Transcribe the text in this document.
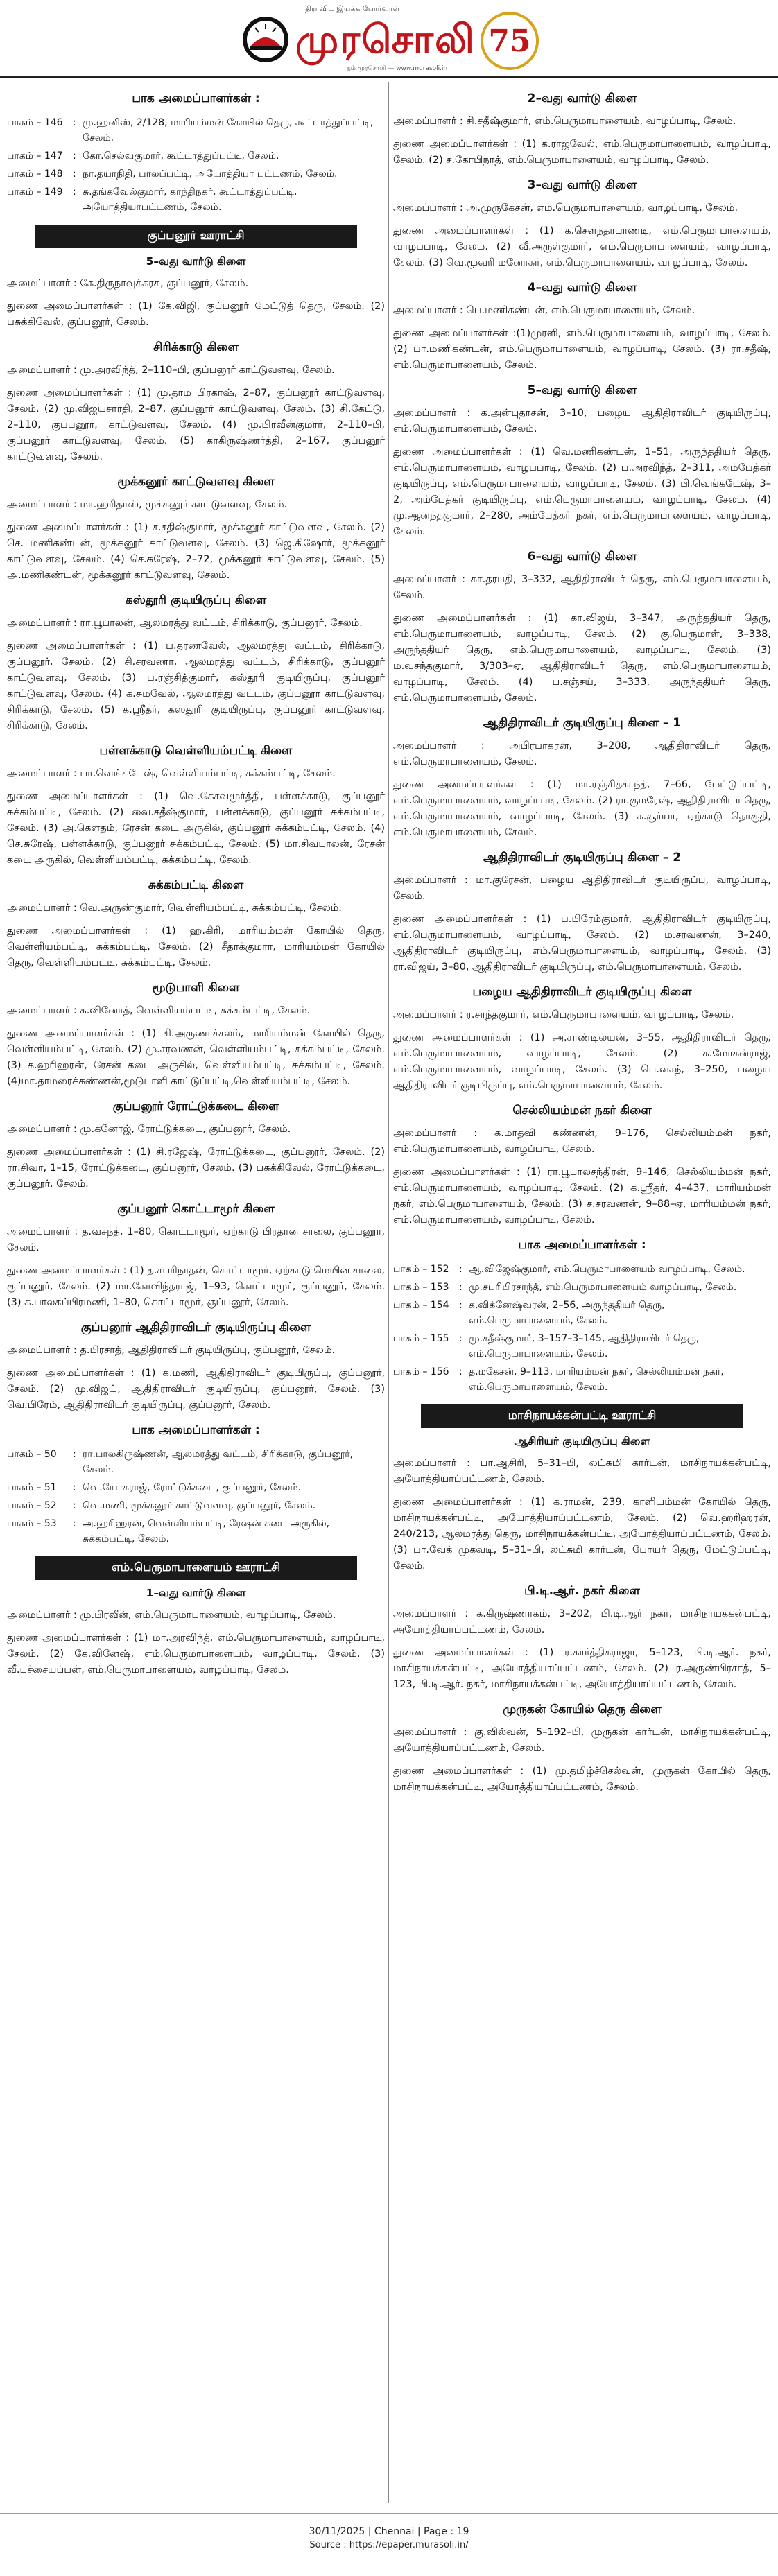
திராவிட இயக்க போர்வாள்
முரசொலி 75
நம் முரசொலி — www.murasoli.in
பாக அமைப்பாளர்கள் :
பாகம் – 146	:	மு.ஹனிஸ், 2/128, மாரியம்மன் கோயில் தெரு, கூட்டாத்துப்பட்டி, சேலம்.
பாகம் – 147	:	கோ.செல்வகுமார், கூட்டாத்துப்பட்டி, சேலம்.
பாகம் – 148	:	நா.தயாநிதி, பாலப்பட்டி, அயோத்தியா பட்டணம், சேலம்.
பாகம் – 149	:	சு.தங்கவேல்குமார், காந்திநகர், கூட்டாத்துப்பட்டி, அயோத்தியாபட்டணம், சேலம்.
குப்பனூர் ஊராட்சி
5–வது வார்டு கிளை

அமைப்பாளர் : கே.திருநாவுக்கரசு, குப்பனூர், சேலம்.

துணை அமைப்பாளர்கள் : (1) கே.விஜி, குப்பனூர் மேட்டுத் தெரு, சேலம். (2) பசுக்கிவேல், குப்பனூர், சேலம்.

சிரிக்காடு கிளை

அமைப்பாளர் : மு.அரவிந்த், 2–110–பி, குப்பனூர் காட்டுவளவு, சேலம்.

துணை அமைப்பாளர்கள் : (1) மு.தாம பிரகாஷ், 2–87, குப்பனூர் காட்டுவளவு, சேலம். (2) மு.விஜயசாரதி, 2–87, குப்பனூர் காட்டுவளவு, சேலம். (3) சி.கேட்டு, 2–110, குப்பனூர், காட்டுவளவு, சேலம். (4) மு.பிரவீன்குமார், 2–110–பி, குப்பனூர் காட்டுவளவு, சேலம். (5) காகிருஷ்ணர்த்தி, 2–167, குப்பனூர் காட்டுவளவு, சேலம்.

மூக்கனூர் காட்டுவளவு கிளை

அமைப்பாளர் : மா.ஹரிதாஸ், மூக்கனூர் காட்டுவளவு, சேலம்.

துணை அமைப்பாளர்கள் : (1) ச.சதிஷ்குமார், மூக்கனூர் காட்டுவளவு, சேலம். (2) செ. மணிகண்டன், மூக்கனூர் காட்டுவளவு, சேலம். (3) ஜெ.கிஷோர், மூக்கனூர் காட்டுவளவு, சேலம். (4) செ.சுரேஷ், 2–72, மூக்கனூர் காட்டுவளவு, சேலம். (5) அ.மணிகண்டன், மூக்கனூர் காட்டுவளவு, சேலம்.

கஸ்தூரி குடியிருப்பு கிளை

அமைப்பாளர் : ரா.பூபாலன், ஆலமரத்து வட்டம், சிரிக்காடு, குப்பனூர், சேலம்.

துணை அமைப்பாளர்கள் : (1) ப.தரணவேல், ஆலமரத்து வட்டம், சிரிக்காடு, குப்பனூர், சேலம். (2) சி.சரவணா, ஆலமரத்து வட்டம், சிரிக்காடு, குப்பனூர் காட்டுவளவு, சேலம். (3) ப.ரஞ்சித்குமார், கஸ்தூரி குடியிருப்பு, குப்பனூர் காட்டுவளவு, சேலம். (4) க.சுமவேல், ஆலமரத்து வட்டம், குப்பனூர் காட்டுவளவு, சிரிக்காடு, சேலம். (5) க.ஸ்ரீதர், கஸ்தூரி குடியிருப்பு, குப்பனூர் காட்டுவளவு, சிரிக்காடு, சேலம்.

பள்ளக்காடு வெள்ளியம்பட்டி கிளை

அமைப்பாளர் : பா.வெங்கடேஷ், வெள்ளியம்பட்டி, சுக்கம்பட்டி, சேலம்.

துணை அமைப்பாளர்கள் : (1) வெ.கேசவமூர்த்தி, பள்ளக்காடு, குப்பனூர் சுக்கம்பட்டி, சேலம். (2) வை.சதீஷ்குமார், பள்ளக்காடு, குப்பனூர் சுக்கம்பட்டி, சேலம். (3) அ.கௌதம், ரேசன் கடை அருகில், குப்பனூர் சுக்கம்பட்டி, சேலம். (4) செ.சுரேஷ், பள்ளக்காடு, குப்பனூர் சுக்கம்பட்டி, சேலம். (5) மா.சிவபாலன், ரேசன் கடை அருகில், வெள்ளியம்பட்டி, சுக்கம்பட்டி, சேலம்.

சுக்கம்பட்டி கிளை

அமைப்பாளர் : வெ.அருண்குமார், வெள்ளியம்பட்டி, சுக்கம்பட்டி, சேலம்.

துணை அமைப்பாளர்கள் : (1) ஹ.கிரி, மாரியம்மன் கோயில் தெரு, வெள்ளியம்பட்டி, சுக்கம்பட்டி, சேலம். (2) சீதாக்குமார், மாரியம்மன் கோயில் தெரு, வெள்ளியம்பட்டி, சுக்கம்பட்டி, சேலம்.

மூடுபாளி கிளை

அமைப்பாளர் : க.வினோத், வெள்ளியம்பட்டி, சுக்கம்பட்டி, சேலம்.

துணை அமைப்பாளர்கள் : (1) சி.அருணாச்சலம், மாரியம்மன் கோயில் தெரு, வெள்ளியம்பட்டி, சேலம். (2) மு.சரவணன், வெள்ளியம்பட்டி, சுக்கம்பட்டி, சேலம். (3) க.ஹரிஹரன், ரேசன் கடை அருகில், வெள்ளியம்பட்டி, சுக்கம்பட்டி, சேலம். (4)மா.தாமரைக்கண்ணன்,மூடுபாளி காட்டுப்பட்டி,வெள்ளியம்பட்டி, சேலம்.

குப்பனூர் ரோட்டுக்கடை கிளை

அமைப்பாளர் : மு.கனோஜ், ரோட்டுக்கடை, குப்பனூர், சேலம்.

துணை அமைப்பாளர்கள் : (1) சி.ரஜேஷ், ரோட்டுக்கடை, குப்பனூர், சேலம். (2) ரா.சிவா, 1–15, ரோட்டுக்கடை, குப்பனூர், சேலம். (3) பசுக்கிவேல், ரோட்டுக்கடை, குப்பனூர், சேலம்.

குப்பனூர் கொட்டாமூர் கிளை

அமைப்பாளர் : த.வசந்த், 1–80, கொட்டாமூர், ஏற்காடு பிரதான சாலை, குப்பனூர், சேலம்.

துணை அமைப்பாளர்கள் : (1) த.சபரிநாதன், கொட்டாமூர், ஏற்காடு மெயின் சாலை, குப்பனூர், சேலம். (2) மா.கோவிந்தராஜ், 1–93, கொட்டாமூர், குப்பனூர், சேலம். (3) க.பாலசுப்பிரமணி, 1–80, கொட்டாமூர், குப்பனூர், சேலம்.

குப்பனூர் ஆதிதிராவிடர் குடியிருப்பு கிளை

அமைப்பாளர் : த.பிரசாத், ஆதிதிராவிடர் குடியிருப்பு, குப்பனூர், சேலம்.

துணை அமைப்பாளர்கள் : (1) க.மணி, ஆதிதிராவிடர் குடியிருப்பு, குப்பனூர், சேலம். (2) மு.விஜய், ஆதிதிராவிடர் குடியிருப்பு, குப்பனூர், சேலம். (3) வெ.பிரேம், ஆதிதிராவிடர் குடியிருப்பு, குப்பனூர், சேலம்.

பாக அமைப்பாளர்கள் :
பாகம் – 50	:	ரா.பாலகிருஷ்ணன், ஆலமரத்து வட்டம், சிரிக்காடு, குப்பனூர், சேலம்.
பாகம் – 51	:	வெ.யோகராஜ், ரோட்டுக்கடை, குப்பனூர், சேலம்.
பாகம் – 52	:	வெ.மணி, மூக்கனூர் காட்டுவளவு, குப்பனூர், சேலம்.
பாகம் – 53	:	அ.ஹரிஹரன், வெள்ளியம்பட்டி, ரேஷன் கடை அருகில், சுக்கம்பட்டி, சேலம்.
எம்.பெருமாபாளையம் ஊராட்சி
1–வது வார்டு கிளை

அமைப்பாளர் : மு.பிரவீன், எம்.பெருமாபாளையம், வாழப்பாடி, சேலம்.

துணை அமைப்பாளர்கள் : (1) மா.அரவிந்த், எம்.பெருமாபாளையம், வாழப்பாடி, சேலம். (2) கே.வினேஷ், எம்.பெருமாபாளையம், வாழப்பாடி, சேலம். (3) வீ.பச்சையப்பன், எம்.பெருமாபாளையம், வாழப்பாடி, சேலம்.

2–வது வார்டு கிளை

அமைப்பாளர் : சி.சதீஷ்குமார், எம்.பெருமாபாளையம், வாழப்பாடி, சேலம்.

துணை அமைப்பாளர்கள் : (1) க.ராஜவேல், எம்.பெருமாபாளையம், வாழப்பாடி, சேலம். (2) ச.கோபிநாத், எம்.பெருமாபாளையம், வாழப்பாடி, சேலம்.

3–வது வார்டு கிளை

அமைப்பாளர் : அ.முருகேசன், எம்.பெருமாபாளையம், வாழப்பாடி, சேலம்.

துணை அமைப்பாளர்கள் : (1) க.சௌந்தரபாண்டி, எம்.பெருமாபாளையம், வாழப்பாடி, சேலம். (2) வீ.அருள்குமார், எம்.பெருமாபாளையம், வாழப்பாடி, சேலம். (3) வெ.மூவரி மனோகர், எம்.பெருமாபாளையம், வாழப்பாடி, சேலம்.

4–வது வார்டு கிளை

அமைப்பாளர் : பெ.மணிகண்டன், எம்.பெருமாபாளையம், சேலம்.

துணை அமைப்பாளர்கள் :(1)முரளி, எம்.பெருமாபாளையம், வாழப்பாடி, சேலம். (2) பா.மணிகண்டன், எம்.பெருமாபாளையம், வாழப்பாடி, சேலம். (3) ரா.சதீஷ், எம்.பெருமாபாளையம், சேலம்.

5–வது வார்டு கிளை

அமைப்பாளர் : க.அன்புதாசன், 3–10, பழைய ஆதிதிராவிடர் குடியிருப்பு, எம்.பெருமாபாளையம், சேலம்.

துணை அமைப்பாளர்கள் : (1) வெ.மணிகண்டன், 1–51, அருந்ததியர் தெரு, எம்.பெருமாபாளையம், வாழப்பாடி, சேலம். (2) ப.அரவிந்த், 2–311, அம்பேத்கர் குடியிருப்பு, எம்.பெருமாபாளையம், வாழப்பாடி, சேலம். (3) பி.வெங்கடேஷ், 3–2, அம்பேத்கர் குடியிருப்பு, எம்.பெருமாபாளையம், வாழப்பாடி, சேலம். (4) மு.ஆனந்தகுமார், 2–280, அம்பேத்கர் நகர், எம்.பெருமாபாளையம், வாழப்பாடி, சேலம்.

6–வது வார்டு கிளை

அமைப்பாளர் : கா.தரபதி, 3–332, ஆதிதிராவிடர் தெரு, எம்.பெருமாபாளையம், சேலம்.

துணை அமைப்பாளர்கள் : (1) கா.விஜய், 3–347, அருந்ததியர் தெரு, எம்.பெருமாபாளையம், வாழப்பாடி, சேலம். (2) கு.பெருமாள், 3–338, அருந்ததியர் தெரு, எம்.பெருமாபாளையம், வாழப்பாடி, சேலம். (3) ம.வசந்தகுமார், 3/303–ஏ, ஆதிதிராவிடர் தெரு, எம்.பெருமாபாளையம், வாழப்பாடி, சேலம். (4) ப.சஞ்சய், 3–333, அருந்ததியர் தெரு, எம்.பெருமாபாளையம், சேலம்.

ஆதிதிராவிடர் குடியிருப்பு கிளை – 1

அமைப்பாளர் : அபிரபாகரன், 3–208, ஆதிதிராவிடர் தெரு, எம்.பெருமாபாளையம், சேலம்.

துணை அமைப்பாளர்கள் : (1) மா.ரஞ்சித்காந்த், 7–66, மேட்டுப்பட்டி, எம்.பெருமாபாளையம், வாழப்பாடி, சேலம். (2) ரா.குமரேஷ், ஆதிதிராவிடர் தெரு, எம்.பெருமாபாளையம், வாழப்பாடி, சேலம். (3) க.சூர்யா, ஏற்காடு தொகுதி, எம்.பெருமாபாளையம், சேலம்.

ஆதிதிராவிடர் குடியிருப்பு கிளை – 2

அமைப்பாளர் : மா.குரேசன், பழைய ஆதிதிராவிடர் குடியிருப்பு, வாழப்பாடி, சேலம்.

துணை அமைப்பாளர்கள் : (1) ப.பிரேம்குமார், ஆதிதிராவிடர் குடியிருப்பு, எம்.பெருமாபாளையம், வாழப்பாடி, சேலம். (2) ம.சரவணன், 3–240, ஆதிதிராவிடர் குடியிருப்பு, எம்.பெருமாபாளையம், வாழப்பாடி, சேலம். (3) ரா.விஜய், 3–80, ஆதிதிராவிடர் குடியிருப்பு, எம்.பெருமாபாளையம், சேலம்.

பழைய ஆதிதிராவிடர் குடியிருப்பு கிளை

அமைப்பாளர் : ர.சாந்தகுமார், எம்.பெருமாபாளையம், வாழப்பாடி, சேலம்.

துணை அமைப்பாளர்கள் : (1) அ.சாண்டில்யன், 3–55, ஆதிதிராவிடர் தெரு, எம்.பெருமாபாளையம், வாழப்பாடி, சேலம். (2) க.மோகன்ராஜ், எம்.பெருமாபாளையம், வாழப்பாடி, சேலம். (3) பெ.வசந், 3–250, பழைய ஆதிதிராவிடர் குடியிருப்பு, எம்.பெருமாபாளையம், சேலம்.

செல்லியம்மன் நகர் கிளை

அமைப்பாளர் : க.மாதவி கண்ணன், 9–176, செல்லியம்மன் நகர், எம்.பெருமாபாளையம், வாழப்பாடி, சேலம்.

துணை அமைப்பாளர்கள் : (1) ரா.பூபாலசந்திரன், 9–146, செல்லியம்மன் நகர், எம்.பெருமாபாளையம், வாழப்பாடி, சேலம். (2) க.ஸ்ரீதர், 4–437, மாரியம்மன் நகர், எம்.பெருமாபாளையம், சேலம். (3) ச.சரவணன், 9–88–ஏ, மாரியம்மன் நகர், எம்.பெருமாபாளையம், வாழப்பாடி, சேலம்.

பாக அமைப்பாளர்கள் :
பாகம் – 152	:	ஆ.விஜேஷ்குமார், எம்.பெருமாபாளையம் வாழப்பாடி, சேலம்.
பாகம் – 153	:	மு.சபரிபிரசாந்த், எம்.பெருமாபாளையம் வாழப்பாடி, சேலம்.
பாகம் – 154	:	க.விக்னேஷ்வரன், 2–56, அருந்ததியர் தெரு, எம்.பெருமாபாளையம், சேலம்.
பாகம் – 155	:	மு.சதீஷ்குமார், 3–157–3–145, ஆதிதிராவிடர் தெரு, எம்.பெருமாபாளையம், சேலம்.
பாகம் – 156	:	த.மகேசன், 9–113, மாரியம்மன் நகர், செல்லியம்மன் நகர், எம்.பெருமாபாளையம், சேலம்.
மாசிநாயக்கன்பட்டி ஊராட்சி
ஆசிரியர் குடியிருப்பு கிளை

அமைப்பாளர் : பா.ஆசிரி, 5–31–பி, லட்சுமி கார்டன், மாசிநாயக்கன்பட்டி, அயோத்தியாப்பட்டணம், சேலம்.

துணை அமைப்பாளர்கள் : (1) க.ராமன், 239, காளியம்மன் கோயில் தெரு, மாசிநாயக்கன்பட்டி, அயோத்தியாப்பட்டணம், சேலம். (2) வெ.ஹரிஹரன், 240/213, ஆலமரத்து தெரு, மாசிநாயக்கன்பட்டி, அயோத்தியாப்பட்டணம், சேலம். (3) பா.வேக் முகவடி, 5–31–பி, லட்சுமி கார்டன், போயர் தெரு, மேட்டுப்பட்டி, சேலம்.

பி.டி.ஆர். நகர் கிளை

அமைப்பாளர் : க.கிருஷ்ணாகம், 3–202, பி.டி.ஆர் நகர், மாசிநாயக்கன்பட்டி, அயோத்தியாப்பட்டணம், சேலம்.

துணை அமைப்பாளர்கள் : (1) ர.கார்த்திகராஜா, 5–123, பி.டி.ஆர். நகர், மாசிநாயக்கன்பட்டி, அயோத்தியாப்பட்டணம், சேலம். (2) ர.அருண்பிரசாத், 5–123, பி.டி.ஆர். நகர், மாசிநாயக்கன்பட்டி, அயோத்தியாப்பட்டணம், சேலம்.

முருகன் கோயில் தெரு கிளை

அமைப்பாளர் : கு.வில்வன், 5–192–பி, முருகன் கார்டன், மாசிநாயக்கன்பட்டி, அயோத்தியாப்பட்டணம், சேலம்.

துணை அமைப்பாளர்கள் : (1) மு.தமிழ்ச்செல்வன், முருகன் கோயில் தெரு, மாசிநாயக்கன்பட்டி, அயோத்தியாப்பட்டணம், சேலம்.

30/11/2025 | Chennai | Page : 19
Source : https://epaper.murasoli.in/
